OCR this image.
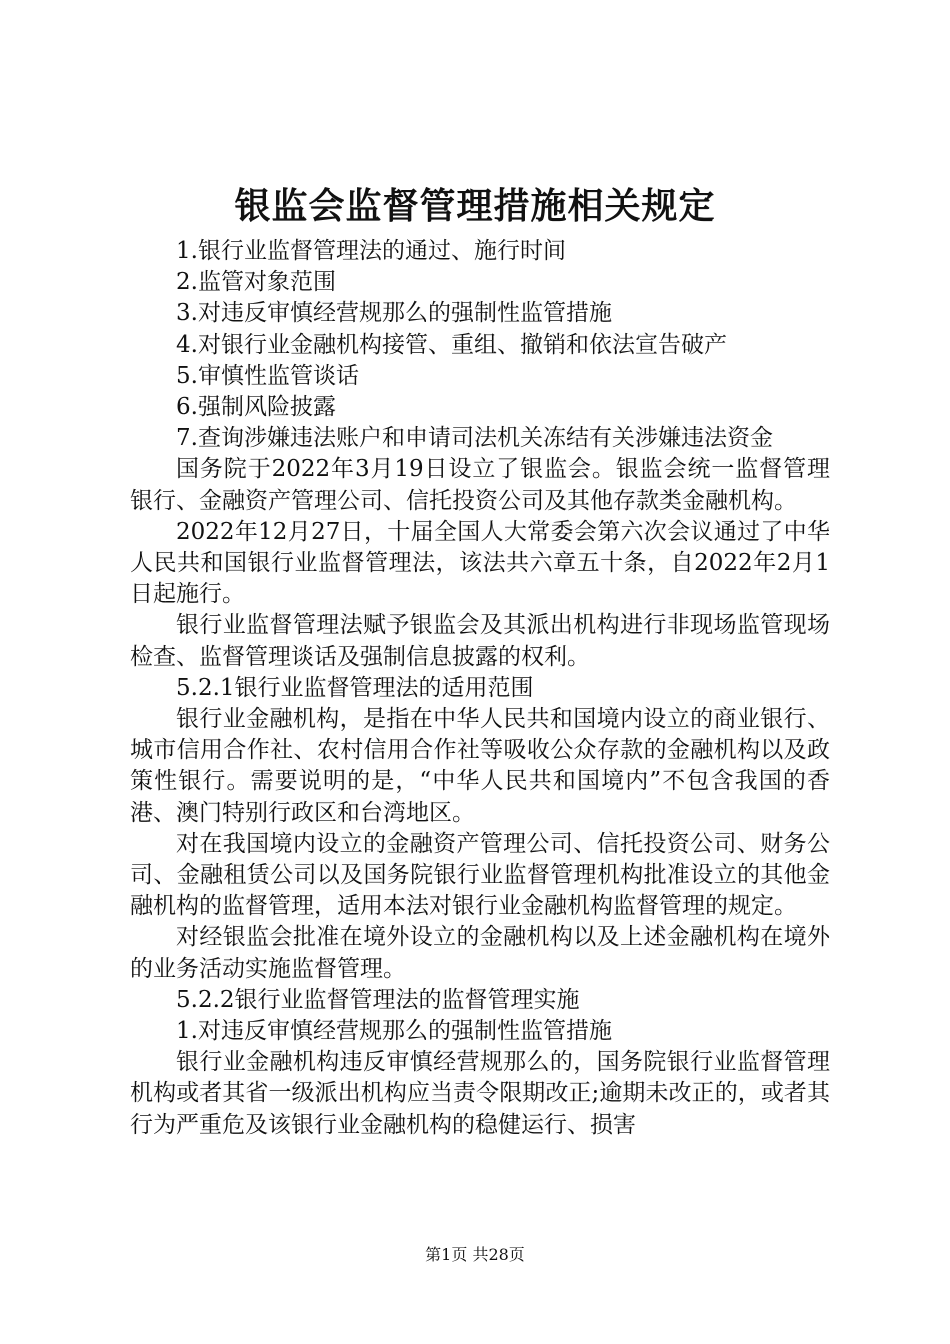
银监会监督管理措施相关规定

1.银行业监督管理法的通过、施行时间

2.监管对象范围

3.对违反审慎经营规那么的强制性监管措施

4.对银行业金融机构接管、重组、撤销和依法宣告破产

5.审慎性监管谈话

6.强制风险披露

7.查询涉嫌违法账户和申请司法机关冻结有关涉嫌违法资金

国务院于2022年3月19日设立了银监会。银监会统一监督管理银行、金融资产管理公司、信托投资公司及其他存款类金融机构。

2022年12月27日，十届全国人大常委会第六次会议通过了中华人民共和国银行业监督管理法，该法共六章五十条，自2022年2月1日起施行。

银行业监督管理法赋予银监会及其派出机构进行非现场监管现场检查、监督管理谈话及强制信息披露的权利。

5.2.1银行业监督管理法的适用范围

银行业金融机构，是指在中华人民共和国境内设立的商业银行、城市信用合作社、农村信用合作社等吸收公众存款的金融机构以及政策性银行。需要说明的是，“中华人民共和国境内”不包含我国的香港、澳门特别行政区和台湾地区。

对在我国境内设立的金融资产管理公司、信托投资公司、财务公司、金融租赁公司以及国务院银行业监督管理机构批准设立的其他金融机构的监督管理，适用本法对银行业金融机构监督管理的规定。

对经银监会批准在境外设立的金融机构以及上述金融机构在境外的业务活动实施监督管理。

5.2.2银行业监督管理法的监督管理实施

1.对违反审慎经营规那么的强制性监管措施

银行业金融机构违反审慎经营规那么的，国务院银行业监督管理机构或者其省一级派出机构应当责令限期改正;逾期未改正的，或者其行为严重危及该银行业金融机构的稳健运行、损害

第1页 共28页
